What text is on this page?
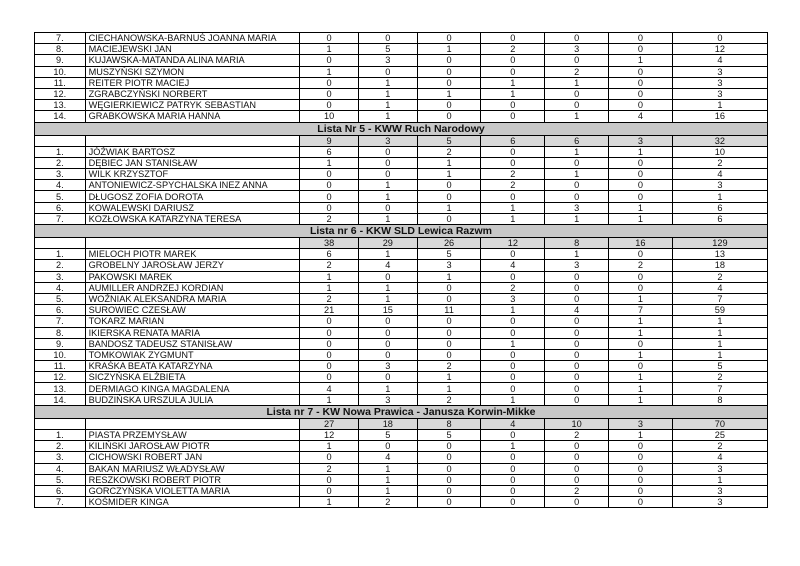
7.	CIECHANOWSKA-BARNUŚ JOANNA MARIA	0	0	0	0	0	0	0
8.	MACIEJEWSKI JAN	1	5	1	2	3	0	12
9.	KUJAWSKA-MATANDA ALINA MARIA	0	3	0	0	0	1	4
10.	MUSZYŃSKI SZYMON	1	0	0	0	2	0	3
11.	REITER PIOTR MACIEJ	0	1	0	1	1	0	3
12.	ZGRABCZYŃSKI NORBERT	0	1	1	1	0	0	3
13.	WĘGIERKIEWICZ PATRYK SEBASTIAN	0	1	0	0	0	0	1
14.	GRABKOWSKA MARIA HANNA	10	1	0	0	1	4	16
Lista Nr 5 - KWW Ruch Narodowy								
		9	3	5	6	6	3	32
1.	JÓŹWIAK BARTOSZ	6	0	2	0	1	1	10
2.	DĘBIEC JAN STANISŁAW	1	0	1	0	0	0	2
3.	WILK KRZYSZTOF	0	0	1	2	1	0	4
4.	ANTONIEWICZ-SPYCHALSKA INEZ ANNA	0	1	0	2	0	0	3
5.	DŁUGOSZ ZOFIA DOROTA	0	1	0	0	0	0	1
6.	KOWALEWSKI DARIUSZ	0	0	1	1	3	1	6
7.	KOZŁOWSKA KATARZYNA TERESA	2	1	0	1	1	1	6
Lista nr 6 - KKW SLD Lewica Razwm								
		38	29	26	12	8	16	129
1.	MIELOCH PIOTR MAREK	6	1	5	0	1	0	13
2.	GROBELNY JAROSŁAW JERZY	2	4	3	4	3	2	18
3.	PAKOWSKI MAREK	1	0	1	0	0	0	2
4.	AUMILLER ANDRZEJ KORDIAN	1	1	0	2	0	0	4
5.	WOŹNIAK ALEKSANDRA MARIA	2	1	0	3	0	1	7
6.	SUROWIEC CZESŁAW	21	15	11	1	4	7	59
7.	TOKARZ MARIAN	0	0	0	0	0	1	1
8.	IKIERSKA RENATA MARIA	0	0	0	0	0	1	1
9.	BANDOSZ TADEUSZ STANISŁAW	0	0	0	1	0	0	1
10.	TOMKOWIAK ZYGMUNT	0	0	0	0	0	1	1
11.	KRAŚKA BEATA KATARZYNA	0	3	2	0	0	0	5
12.	SICZYŃSKA ELŻBIETA	0	0	1	0	0	1	2
13.	DERMIAGO KINGA MAGDALENA	4	1	1	0	0	1	7
14.	BUDZIŃSKA URSZULA JULIA	1	3	2	1	0	1	8
Lista nr 7 - KW Nowa Prawica - Janusza Korwin-Mikke								
		27	18	8	4	10	3	70
1.	PIASTA PRZEMYSŁAW	12	5	5	0	2	1	25
2.	KILIŃSKI JAROSŁAW PIOTR	1	0	0	1	0	0	2
3.	CICHOWSKI ROBERT JAN	0	4	0	0	0	0	4
4.	BAKAN MARIUSZ WŁADYSŁAW	2	1	0	0	0	0	3
5.	RESZKOWSKI ROBERT PIOTR	0	1	0	0	0	0	1
6.	GORCZYŃSKA VIOLETTA MARIA	0	1	0	0	2	0	3
7.	KOŚMIDER KINGA	1	2	0	0	0	0	3
